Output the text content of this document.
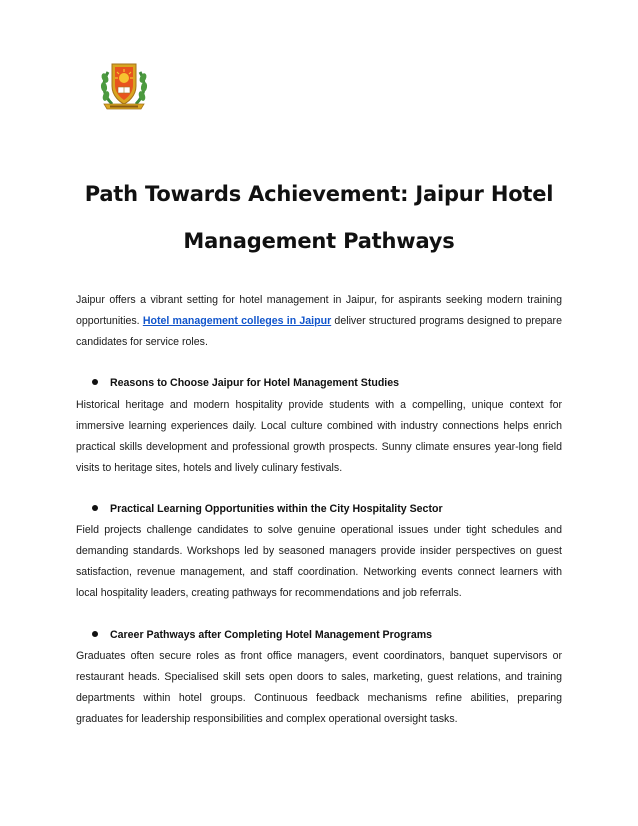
Path Towards Achievement: Jaipur Hotel
Management Pathways

Jaipur offers a vibrant setting for hotel management in Jaipur, for aspirants seeking modern training opportunities. Hotel management colleges in Jaipur deliver structured programs designed to prepare candidates for service roles.

Reasons to Choose Jaipur for Hotel Management Studies

Historical heritage and modern hospitality provide students with a compelling, unique context for immersive learning experiences daily. Local culture combined with industry connections helps enrich practical skills development and professional growth prospects. Sunny climate ensures year-long field visits to heritage sites, hotels and lively culinary festivals.

Practical Learning Opportunities within the City Hospitality Sector

Field projects challenge candidates to solve genuine operational issues under tight schedules and demanding standards. Workshops led by seasoned managers provide insider perspectives on guest satisfaction, revenue management, and staff coordination. Networking events connect learners with local hospitality leaders, creating pathways for recommendations and job referrals.

Career Pathways after Completing Hotel Management Programs

Graduates often secure roles as front office managers, event coordinators, banquet supervisors or restaurant heads. Specialised skill sets open doors to sales, marketing, guest relations, and training departments within hotel groups. Continuous feedback mechanisms refine abilities, preparing graduates for leadership responsibilities and complex operational oversight tasks.
